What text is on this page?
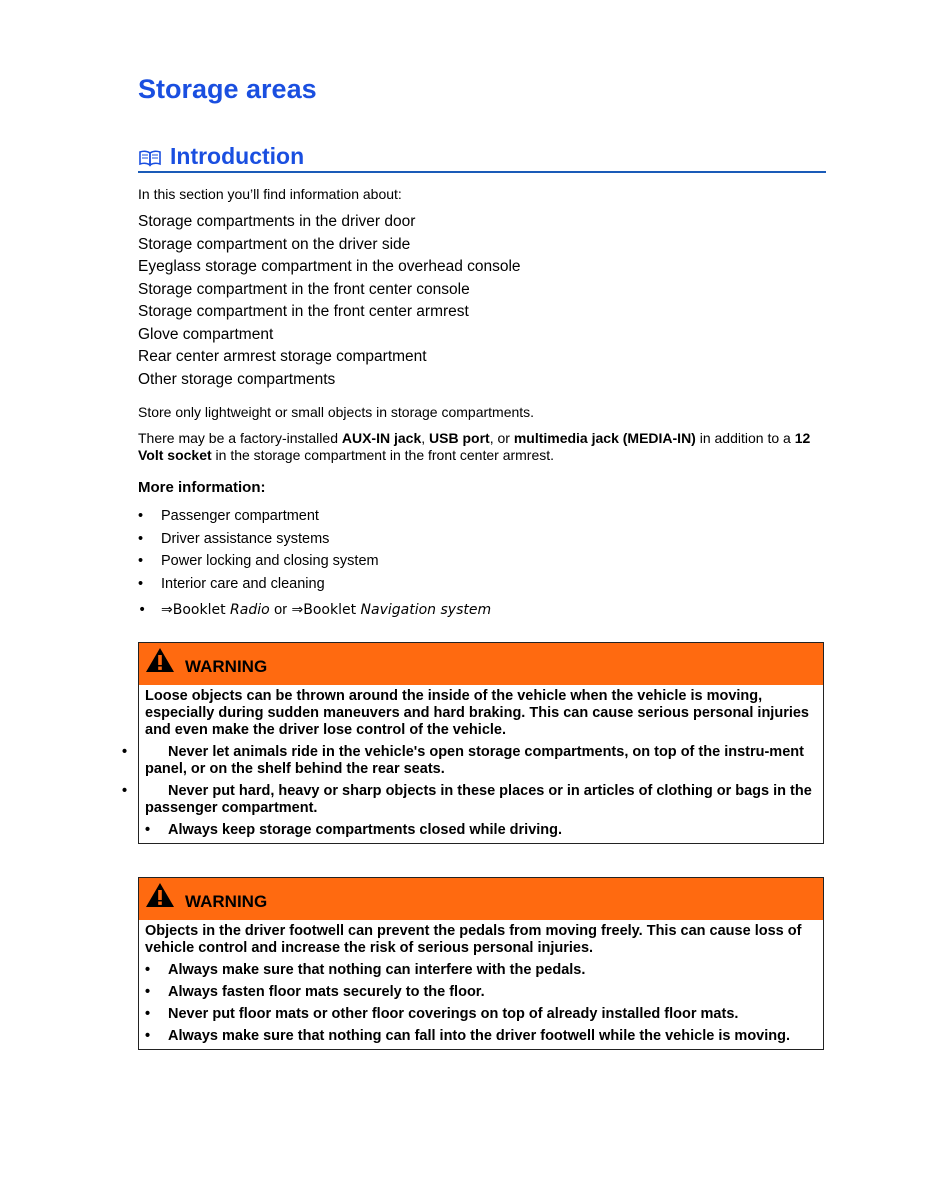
Storage areas
Introduction

In this section you’ll find information about:

Storage compartments in the driver door
Storage compartment on the driver side
Eyeglass storage compartment in the overhead console
Storage compartment in the front center console
Storage compartment in the front center armrest
Glove compartment
Rear center armrest storage compartment
Other storage compartments

Store only lightweight or small objects in storage compartments.

There may be a factory-installed AUX-IN jack, USB port, or multimedia jack (MEDIA-IN) in addition to a 12 Volt socket in the storage compartment in the front center armrest.

More information:

• Passenger compartment
• Driver assistance systems
• Power locking and closing system
• Interior care and cleaning
• ⇒Booklet Radio or ⇒Booklet Navigation system
WARNING

Loose objects can be thrown around the inside of the vehicle when the vehicle is moving, especially during sudden maneuvers and hard braking. This can cause serious personal injuries and even make the driver lose control of the vehicle.

•	Never let animals ride in the vehicle's open storage compartments, on top of the instru-ment panel, or on the shelf behind the rear seats.

•	Never put hard, heavy or sharp objects in these places or in articles of clothing or bags in the passenger compartment.

• Always keep storage compartments closed while driving.

WARNING

Objects in the driver footwell can prevent the pedals from moving freely. This can cause loss of vehicle control and increase the risk of serious personal injuries.

• Always make sure that nothing can interfere with the pedals.

• Always fasten floor mats securely to the floor.

• Never put floor mats or other floor coverings on top of already installed floor mats.

• Always make sure that nothing can fall into the driver footwell while the vehicle is moving.
